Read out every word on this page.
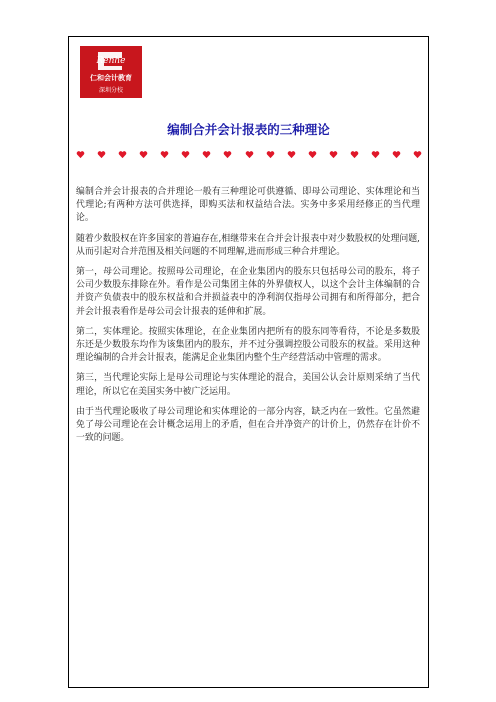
Renhe
仁和会计教育
深圳分校
编制合并会计报表的三种理论

编制合并会计报表的合并理论一般有三种理论可供遵循、即母公司理论、实体理论和当代理论;有两种方法可供选择，即购买法和权益结合法。实务中多采用经修正的当代理论。

随着少数股权在许多国家的普遍存在,相继带来在合并会计报表中对少数股权的处理问题,从而引起对合并范围及相关问题的不同理解,进而形成三种合并理论。

第一，母公司理论。按照母公司理论，在企业集团内的股东只包括母公司的股东，将子公司少数股东排除在外。看作是公司集团主体的外界债权人，以这个会计主体编制的合并资产负债表中的股东权益和合并损益表中的净利润仅指母公司拥有和所得部分，把合并会计报表看作是母公司会计报表的延伸和扩展。

第二，实体理论。按照实体理论，在企业集团内把所有的股东同等看待，不论是多数股东还是少数股东均作为该集团内的股东，并不过分强调控股公司股东的权益。采用这种理论编制的合并会计报表，能满足企业集团内整个生产经营活动中管理的需求。

第三，当代理论实际上是母公司理论与实体理论的混合，美国公认会计原则采纳了当代理论，所以它在美国实务中被广泛运用。

由于当代理论吸收了母公司理论和实体理论的一部分内容，缺乏内在一致性。它虽然避免了母公司理论在会计概念运用上的矛盾，但在合并净资产的计价上，仍然存在计价不一致的问题。
